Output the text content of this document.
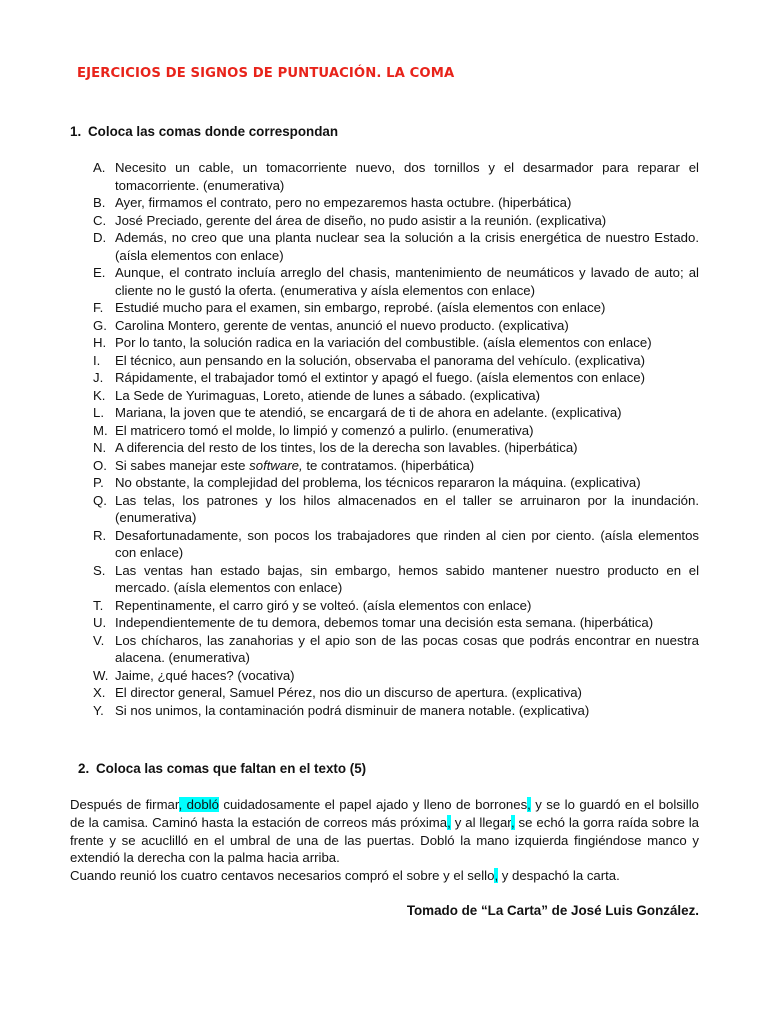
EJERCICIOS DE SIGNOS DE PUNTUACIÓN. LA COMA
1. Coloca las comas donde correspondan
A. Necesito un cable, un tomacorriente nuevo, dos tornillos y el desarmador para reparar el tomacorriente. (enumerativa)
B. Ayer, firmamos el contrato, pero no empezaremos hasta octubre. (hiperbática)
C. José Preciado, gerente del área de diseño, no pudo asistir a la reunión. (explicativa)
D. Además, no creo que una planta nuclear sea la solución a la crisis energética de nuestro Estado. (aísla elementos con enlace)
E. Aunque, el contrato incluía arreglo del chasis, mantenimiento de neumáticos y lavado de auto; al cliente no le gustó la oferta. (enumerativa y aísla elementos con enlace)
F. Estudié mucho para el examen, sin embargo, reprobé. (aísla elementos con enlace)
G. Carolina Montero, gerente de ventas, anunció el nuevo producto. (explicativa)
H. Por lo tanto, la solución radica en la variación del combustible. (aísla elementos con enlace)
I.	El técnico, aun pensando en la solución, observaba el panorama del vehículo. (explicativa)
J. Rápidamente, el trabajador tomó el extintor y apagó el fuego. (aísla elementos con enlace)
K. La Sede de Yurimaguas, Loreto, atiende de lunes a sábado. (explicativa)
L. Mariana, la joven que te atendió, se encargará de ti de ahora en adelante. (explicativa)
M. El matricero tomó el molde, lo limpió y comenzó a pulirlo. (enumerativa)
N. A diferencia del resto de los tintes, los de la derecha son lavables. (hiperbática)
O. Si sabes manejar este software, te contratamos. (hiperbática)
P. No obstante, la complejidad del problema, los técnicos repararon la máquina. (explicativa)
Q. Las telas, los patrones y los hilos almacenados en el taller se arruinaron por la inundación. (enumerativa)
R. Desafortunadamente, son pocos los trabajadores que rinden al cien por ciento. (aísla elementos con enlace)
S. Las ventas han estado bajas, sin embargo, hemos sabido mantener nuestro producto en el mercado. (aísla elementos con enlace)
T. Repentinamente, el carro giró y se volteó. (aísla elementos con enlace)
U. Independientemente de tu demora, debemos tomar una decisión esta semana. (hiperbática)
V. Los chícharos, las zanahorias y el apio son de las pocas cosas que podrás encontrar en nuestra alacena. (enumerativa)
W. Jaime, ¿qué haces? (vocativa)
X. El director general, Samuel Pérez, nos dio un discurso de apertura. (explicativa)
Y. Si nos unimos, la contaminación podrá disminuir de manera notable. (explicativa)
2. Coloca las comas que faltan en el texto (5)

Después de firmar, dobló cuidadosamente el papel ajado y lleno de borrones, y se lo guardó en el bolsillo de la camisa. Caminó hasta la estación de correos más próxima, y al llegar, se echó la gorra raída sobre la frente y se acuclilló en el umbral de una de las puertas. Dobló la mano izquierda fingiéndose manco y extendió la derecha con la palma hacia arriba.

Cuando reunió los cuatro centavos necesarios compró el sobre y el sello, y despachó la carta.

Tomado de “La Carta” de José Luis González.
